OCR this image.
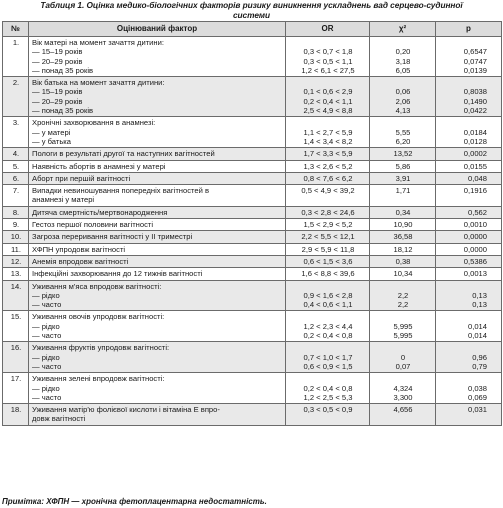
Таблиця 1. Оцінка медико-біологічних факторів ризику виникнення ускладнень вад серцево-судинної
системи
№	Оцінюваний фактор	OR	χ²	p
1.	Вік матері на момент зачаття дитини:
— 15–19 років
— 20–29 років
— понад 35 років	0,3 < 0,7 < 1,8
0,3 < 0,5 < 1,1
1,2 < 6,1 < 27,5	0,20
3,18
6,05	0,6547
0,0747
0,0139

2.	Вік батька на момент зачаття дитини:
— 15–19 років
— 20–29 років
— понад 35 років	0,1 < 0,6 < 2,9
0,2 < 0,4 < 1,1
2,5 < 4,9 < 8,8	0,06
2,06
4,13	0,8038
0,1490
0,0422

3.	Хронічні захворювання в анамнезі:
— у матері
— у батька	1,1 < 2,7 < 5,9
1,4 < 3,4 < 8,2	5,55
6,20	0,0184
0,0128

4.	Пологи в результаті другої та наступних вагітностей	1,7 < 3,3 < 5,9	13,52	0,0002

5.	Наявність абортів в анамнезі у матері	1,3 < 2,6 < 5,2	5,86	0,0155

6.	Аборт при першій вагітності	0,8 < 7,6 < 6,2	3,91	0,048

7.	Випадки невиношування попередніх вагітностей в
анамнезі у матері	0,5 < 4,9 < 39,2	1,71	0,1916

8.	Дитяча смертність/мертвонародження	0,3 < 2,8 < 24,6	0,34	0,562

9.	Гестоз першої половини вагітності	1,5 < 2,9 < 5,2	10,90	0,0010

10.	Загроза переривання вагітності у II триместрі	2,2 < 5,5 < 12,1	36,58	0,0000

11.	ХФПН упродовж вагітності	2,9 < 5,9 < 11,8	18,12	0,0000

12.	Анемія впродовж вагітності	0,6 < 1,5 < 3,6	0,38	0,5386

13.	Інфекційні захворювання до 12 тижнів вагітності	1,6 < 8,8 < 39,6	10,34	0,0013

14.	Уживання м'яса впродовж вагітності:
— рідко
— часто	0,9 < 1,6 < 2,8
0,4 < 0,6 < 1,1	2,2
2,2	0,13
0,13

15.	Уживання овочів упродовж вагітності:
— рідко
— часто	1,2 < 2,3 < 4,4
0,2 < 0,4 < 0,8	5,995
5,995	0,014
0,014

16.	Уживання фруктів упродовж вагітності:
— рідко
— часто	0,7 < 1,0 < 1,7
0,6 < 0,9 < 1,5	0
0,07	0,96
0,79

17.	Уживання зелені впродовж вагітності:
— рідко
— часто	0,2 < 0,4 < 0,8
1,2 < 2,5 < 5,3	4,324
3,300	0,038
0,069

18.	Уживання матір'ю фолієвої кислоти і вітаміна Е впро-
довж вагітності	0,3 < 0,5 < 0,9	4,656	0,031
Примітка: ХФПН — хронічна фетоплацентарна недостатність.
